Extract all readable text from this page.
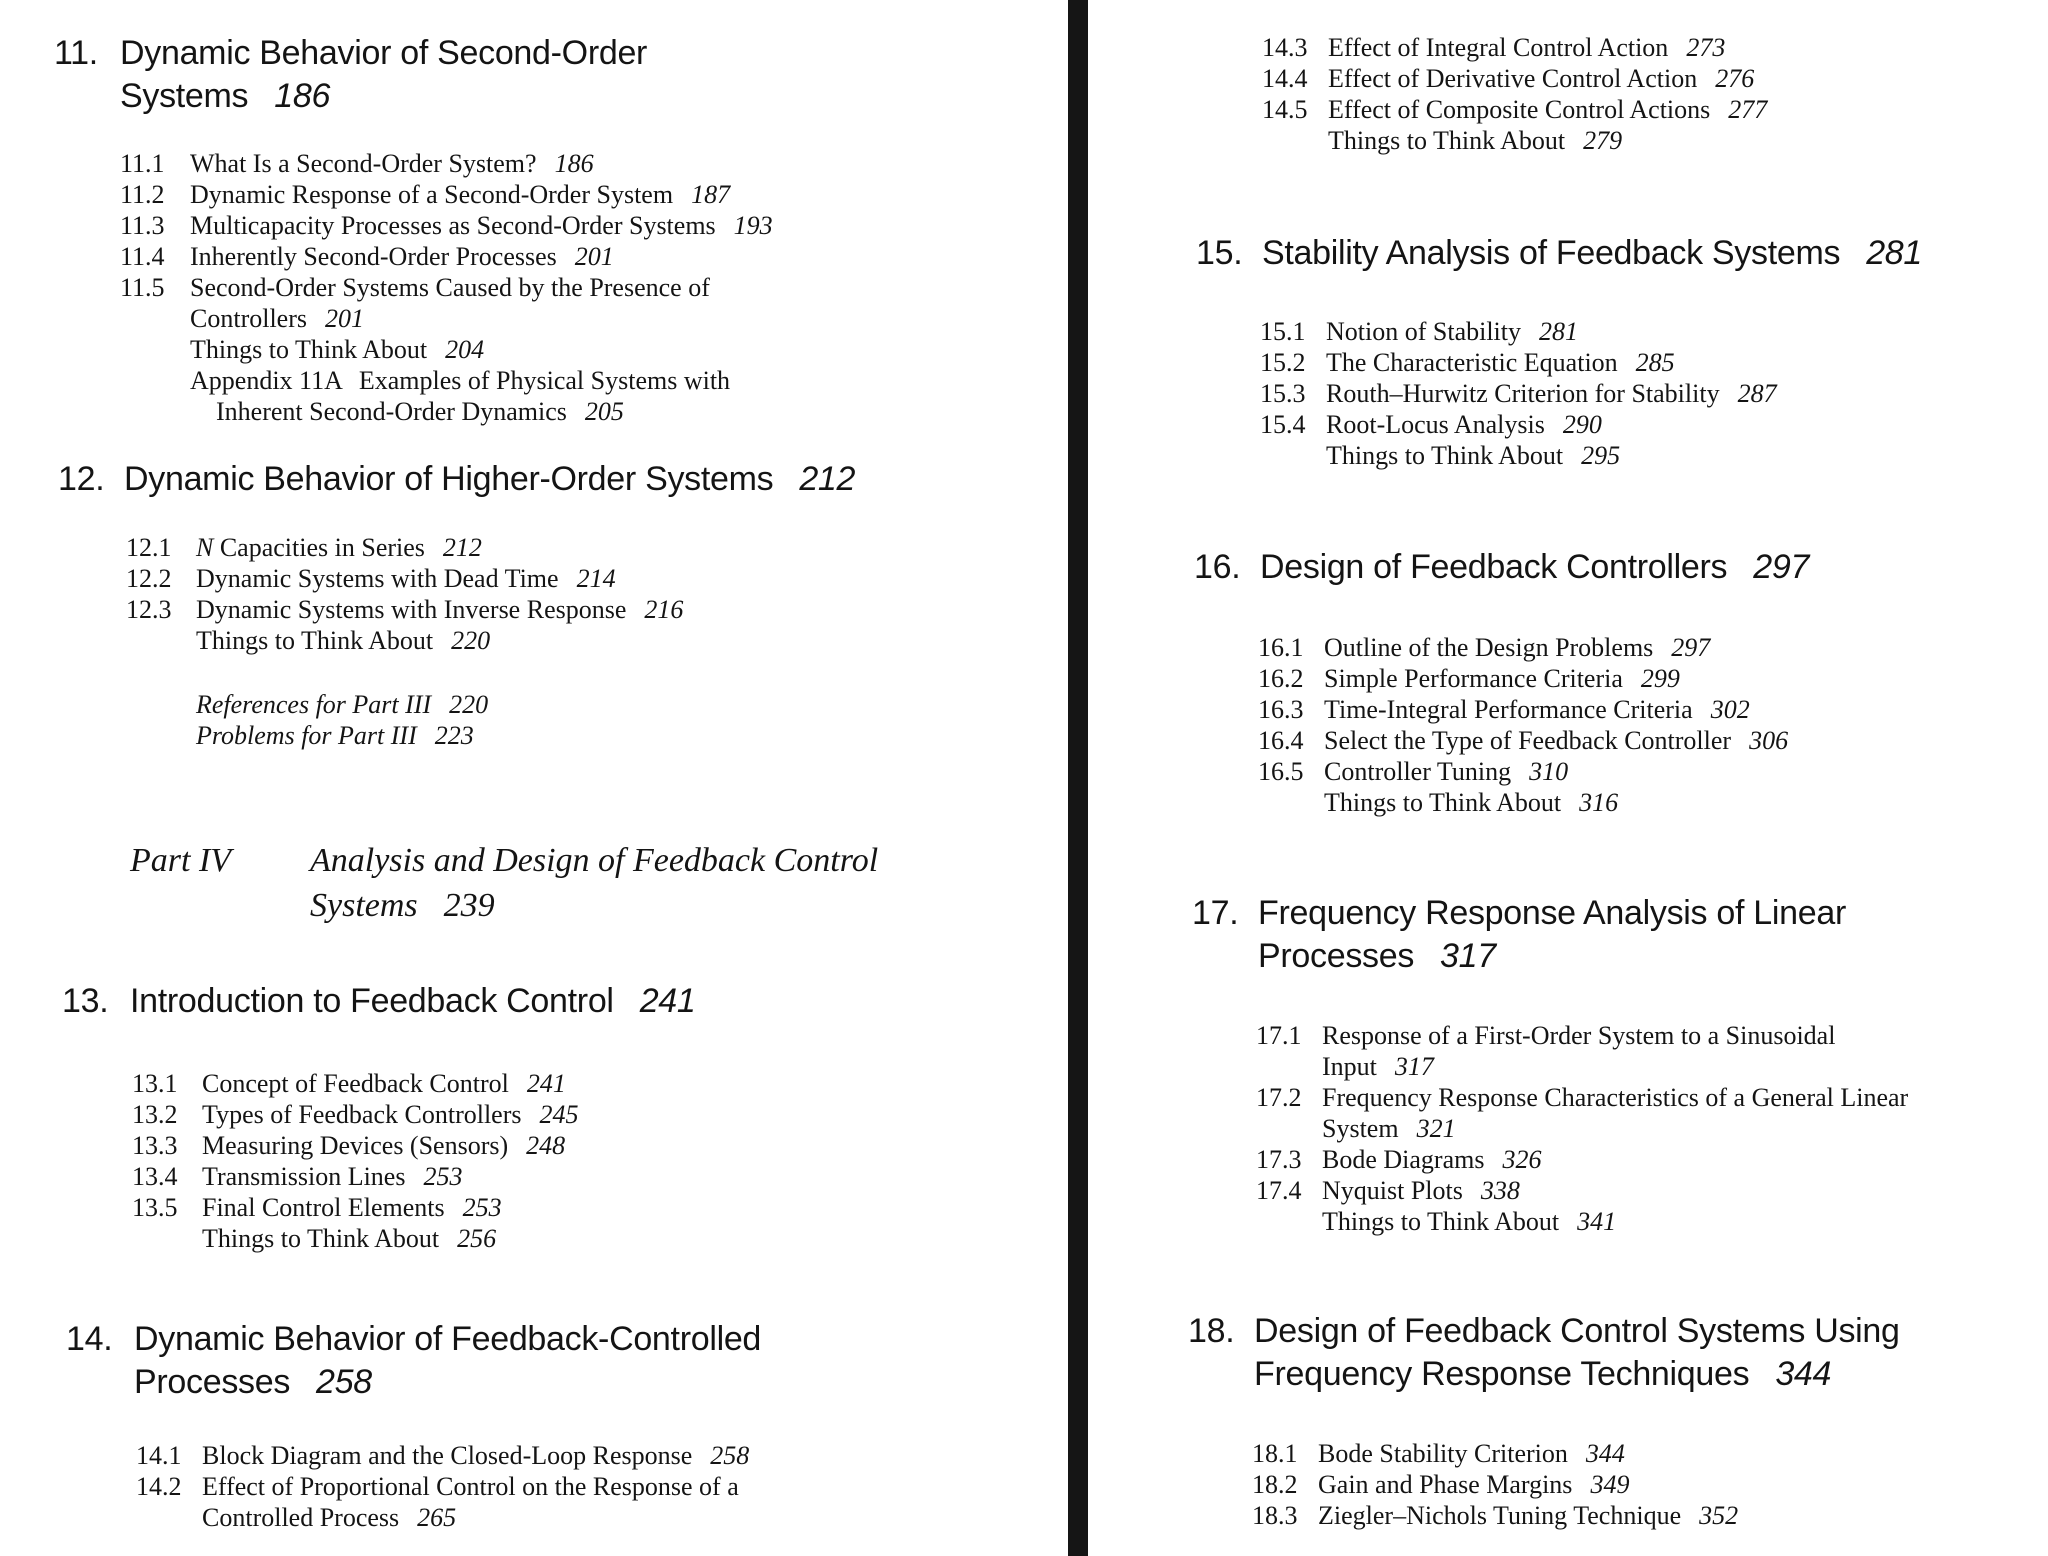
11. Dynamic Behavior of Second-Order
Systems 186
11.1 What Is a Second-Order System? 186
11.2 Dynamic Response of a Second-Order System 187
11.3 Multicapacity Processes as Second-Order Systems 193
11.4 Inherently Second-Order Processes 201
11.5 Second-Order Systems Caused by the Presence of
Controllers 201
Things to Think About 204
Appendix 11A Examples of Physical Systems with
Inherent Second-Order Dynamics 205
12. Dynamic Behavior of Higher-Order Systems 212
12.1 N Capacities in Series 212
12.2 Dynamic Systems with Dead Time 214
12.3 Dynamic Systems with Inverse Response 216
Things to Think About 220
References for Part III 220
Problems for Part III 223
Part IV Analysis and Design of Feedback Control
Systems 239
13. Introduction to Feedback Control 241
13.1 Concept of Feedback Control 241
13.2 Types of Feedback Controllers 245
13.3 Measuring Devices (Sensors) 248
13.4 Transmission Lines 253
13.5 Final Control Elements 253
Things to Think About 256
14. Dynamic Behavior of Feedback-Controlled
Processes 258
14.1 Block Diagram and the Closed-Loop Response 258
14.2 Effect of Proportional Control on the Response of a
Controlled Process 265
14.3 Effect of Integral Control Action 273
14.4 Effect of Derivative Control Action 276
14.5 Effect of Composite Control Actions 277
Things to Think About 279
15. Stability Analysis of Feedback Systems 281
15.1 Notion of Stability 281
15.2 The Characteristic Equation 285
15.3 Routh–Hurwitz Criterion for Stability 287
15.4 Root-Locus Analysis 290
Things to Think About 295
16. Design of Feedback Controllers 297
16.1 Outline of the Design Problems 297
16.2 Simple Performance Criteria 299
16.3 Time-Integral Performance Criteria 302
16.4 Select the Type of Feedback Controller 306
16.5 Controller Tuning 310
Things to Think About 316
17. Frequency Response Analysis of Linear
Processes 317
17.1 Response of a First-Order System to a Sinusoidal
Input 317
17.2 Frequency Response Characteristics of a General Linear
System 321
17.3 Bode Diagrams 326
17.4 Nyquist Plots 338
Things to Think About 341
18. Design of Feedback Control Systems Using
Frequency Response Techniques 344
18.1 Bode Stability Criterion 344
18.2 Gain and Phase Margins 349
18.3 Ziegler–Nichols Tuning Technique 352
